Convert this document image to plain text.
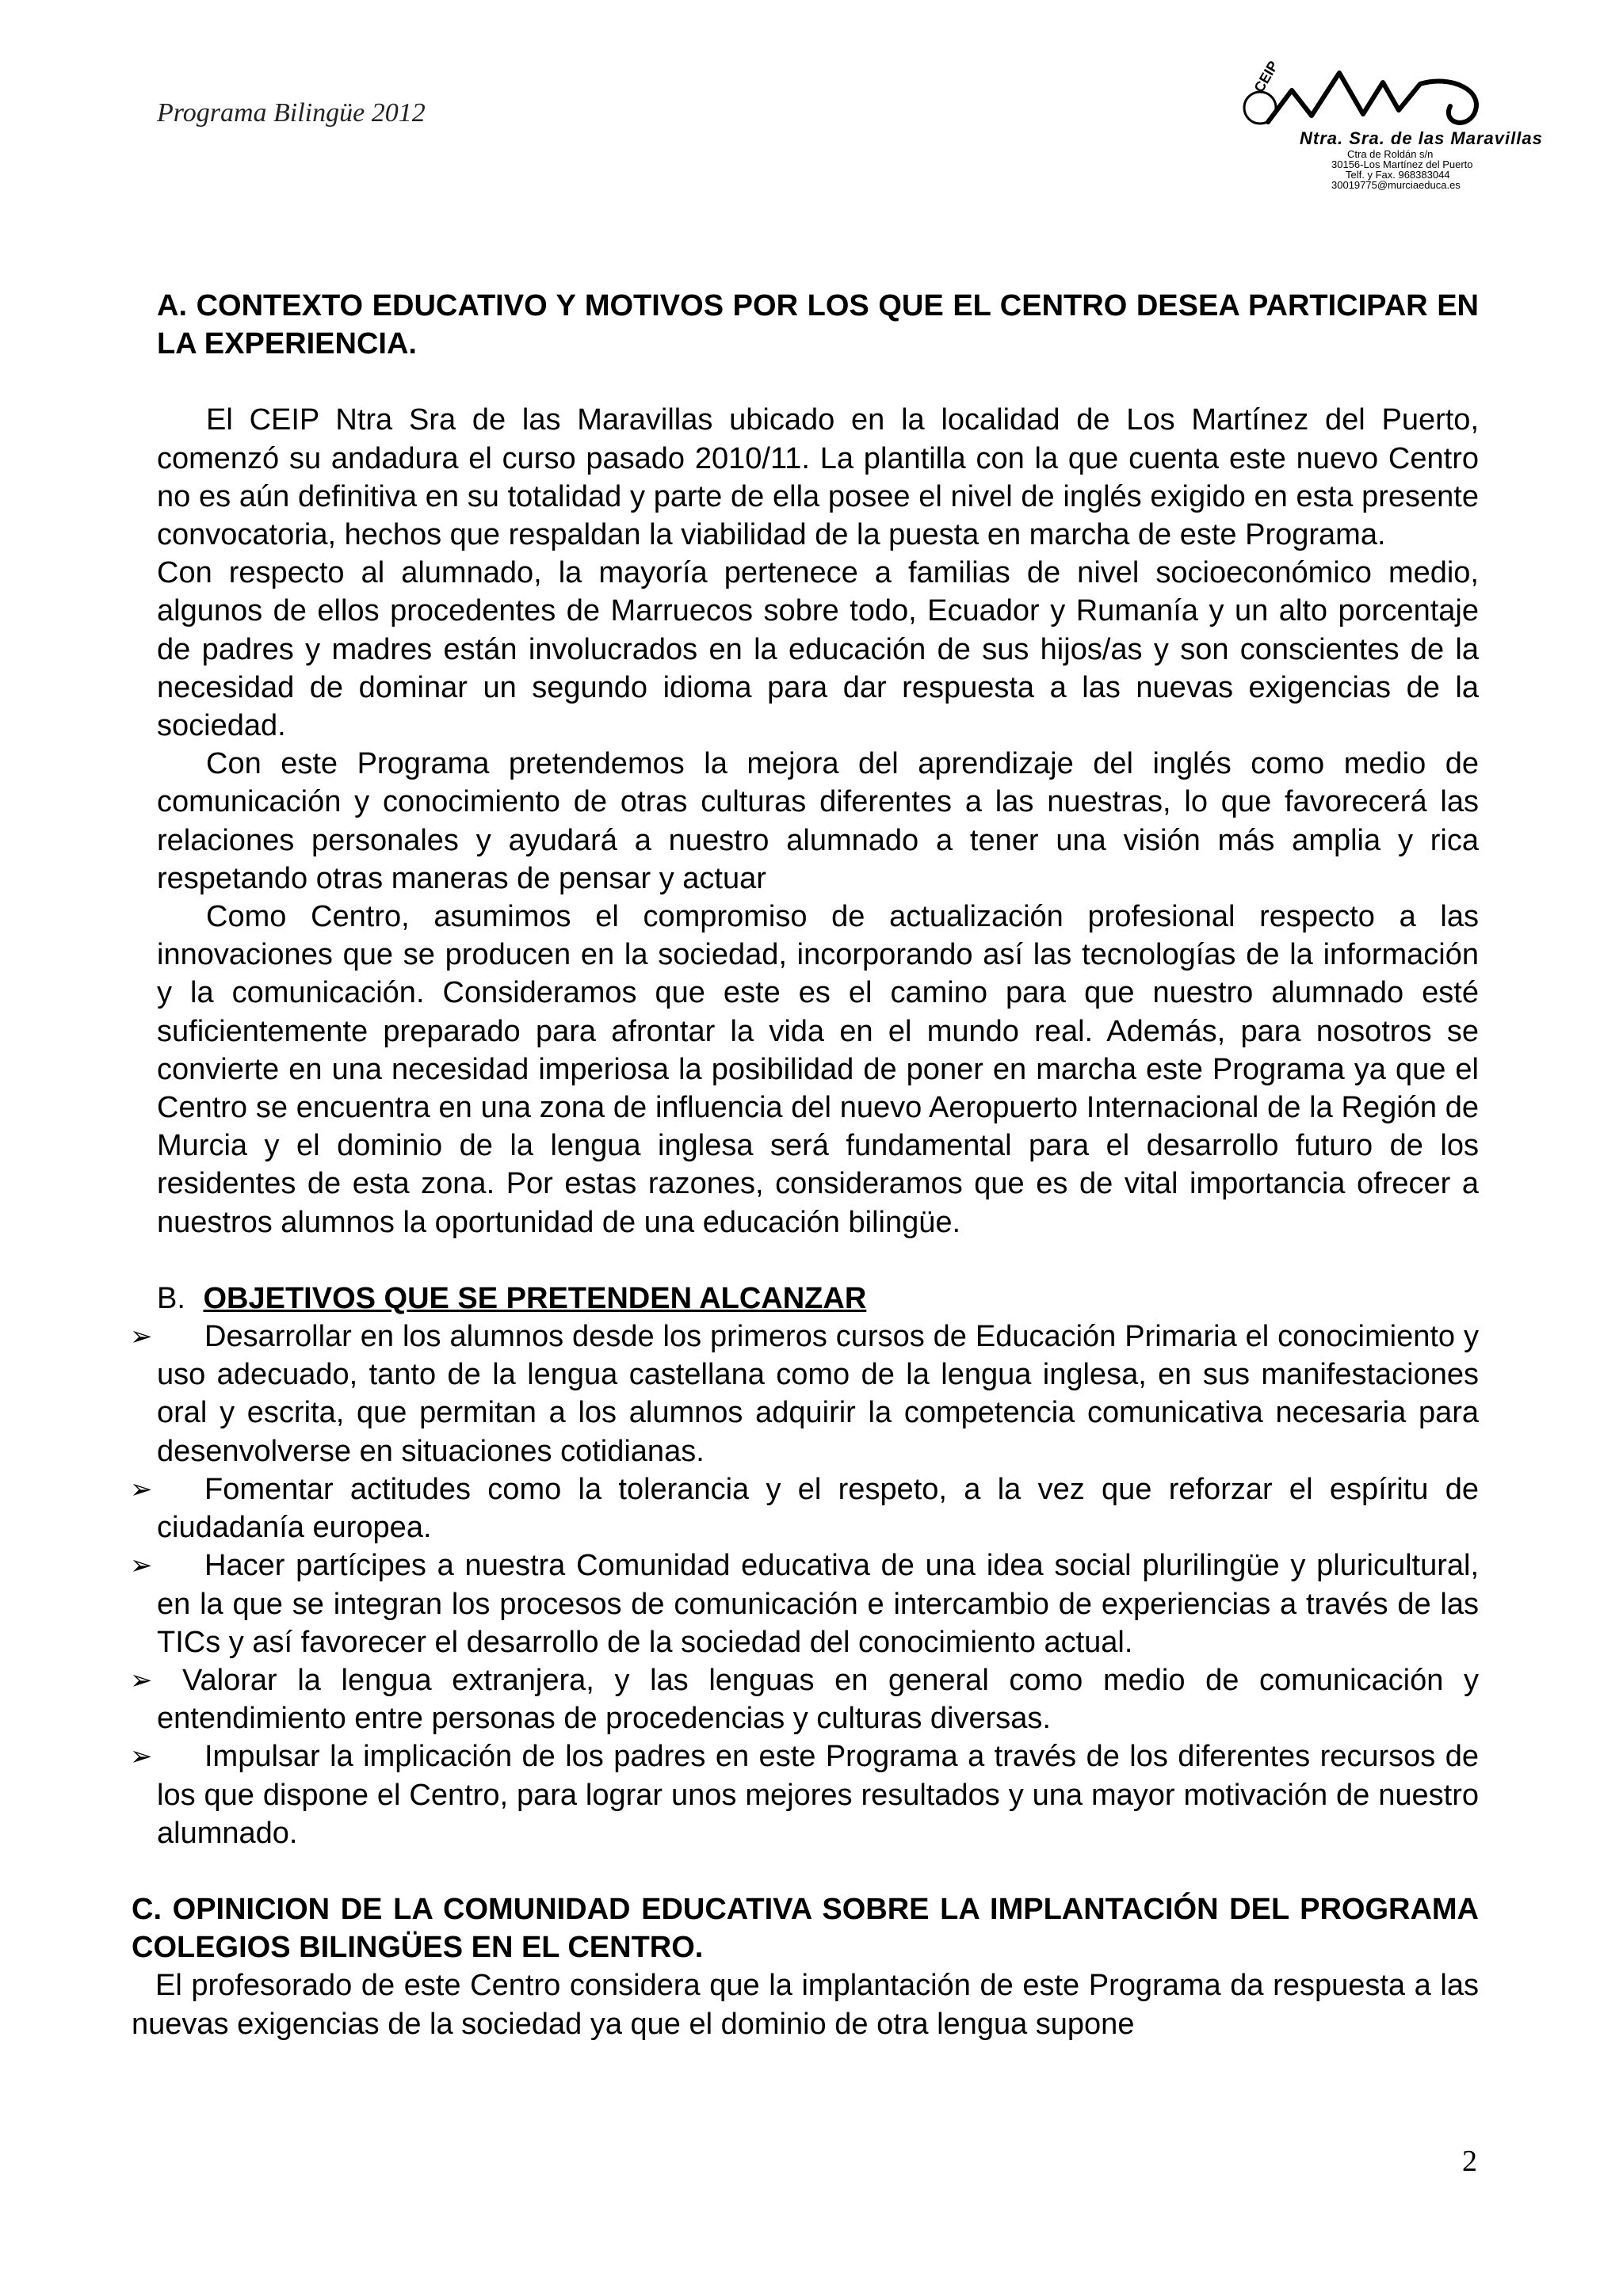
Programa Bilingüe 2012
CEIP
Ntra. Sra. de las Maravillas
Ctra de Roldán s/n
30156-Los Martínez del Puerto
Telf. y Fax. 968383044
30019775@murciaeduca.es

A. CONTEXTO EDUCATIVO Y MOTIVOS POR LOS QUE EL CENTRO DESEA PARTICIPAR EN LA EXPERIENCIA.

El CEIP Ntra Sra de las Maravillas ubicado en la localidad de Los Martínez del Puerto, comenzó su andadura el curso pasado 2010/11. La plantilla con la que cuenta este nuevo Centro no es aún definitiva en su totalidad y parte de ella posee el nivel de inglés exigido en esta presente convocatoria, hechos que respaldan la viabilidad de la puesta en marcha de este Programa.

Con respecto al alumnado, la mayoría pertenece a familias de nivel socioeconómico medio, algunos de ellos procedentes de Marruecos sobre todo, Ecuador y Rumanía y un alto porcentaje de padres y madres están involucrados en la educación de sus hijos/as y son conscientes de la necesidad de dominar un segundo idioma para dar respuesta a las nuevas exigencias de la sociedad.

Con este Programa pretendemos la mejora del aprendizaje del inglés como medio de comunicación y conocimiento de otras culturas diferentes a las nuestras, lo que favorecerá las relaciones personales y ayudará a nuestro alumnado a tener una visión más amplia y rica respetando otras maneras de pensar y actuar

Como Centro, asumimos el compromiso de actualización profesional respecto a las innovaciones que se producen en la sociedad, incorporando así las tecnologías de la información y la comunicación. Consideramos que este es el camino para que nuestro alumnado esté suficientemente preparado para afrontar la vida en el mundo real. Además, para nosotros se convierte en una necesidad imperiosa la posibilidad de poner en marcha este Programa ya que el Centro se encuentra en una zona de influencia del nuevo Aeropuerto Internacional de la Región de Murcia y el dominio de la lengua inglesa será fundamental para el desarrollo futuro de los residentes de esta zona. Por estas razones, consideramos que es de vital importancia ofrecer a nuestros alumnos la oportunidad de una educación bilingüe.

B. OBJETIVOS QUE SE PRETENDEN ALCANZAR

➢	Desarrollar en los alumnos desde los primeros cursos de Educación Primaria el conocimiento y uso adecuado, tanto de la lengua castellana como de la lengua inglesa, en sus manifestaciones oral y escrita, que permitan a los alumnos adquirir la competencia comunicativa necesaria para desenvolverse en situaciones cotidianas.
➢	Fomentar actitudes como la tolerancia y el respeto, a la vez que reforzar el espíritu de ciudadanía europea.
➢	Hacer partícipes a nuestra Comunidad educativa de una idea social plurilingüe y pluricultural, en la que se integran los procesos de comunicación e intercambio de experiencias a través de las TICs y así favorecer el desarrollo de la sociedad del conocimiento actual.
➢ Valorar la lengua extranjera, y las lenguas en general como medio de comunicación y entendimiento entre personas de procedencias y culturas diversas.
➢	Impulsar la implicación de los padres en este Programa a través de los diferentes recursos de los que dispone el Centro, para lograr unos mejores resultados y una mayor motivación de nuestro alumnado.

C. OPINICION DE LA COMUNIDAD EDUCATIVA SOBRE LA IMPLANTACIÓN DEL PROGRAMA COLEGIOS BILINGÜES EN EL CENTRO.

El profesorado de este Centro considera que la implantación de este Programa da respuesta a las nuevas exigencias de la sociedad ya que el dominio de otra lengua supone

2
